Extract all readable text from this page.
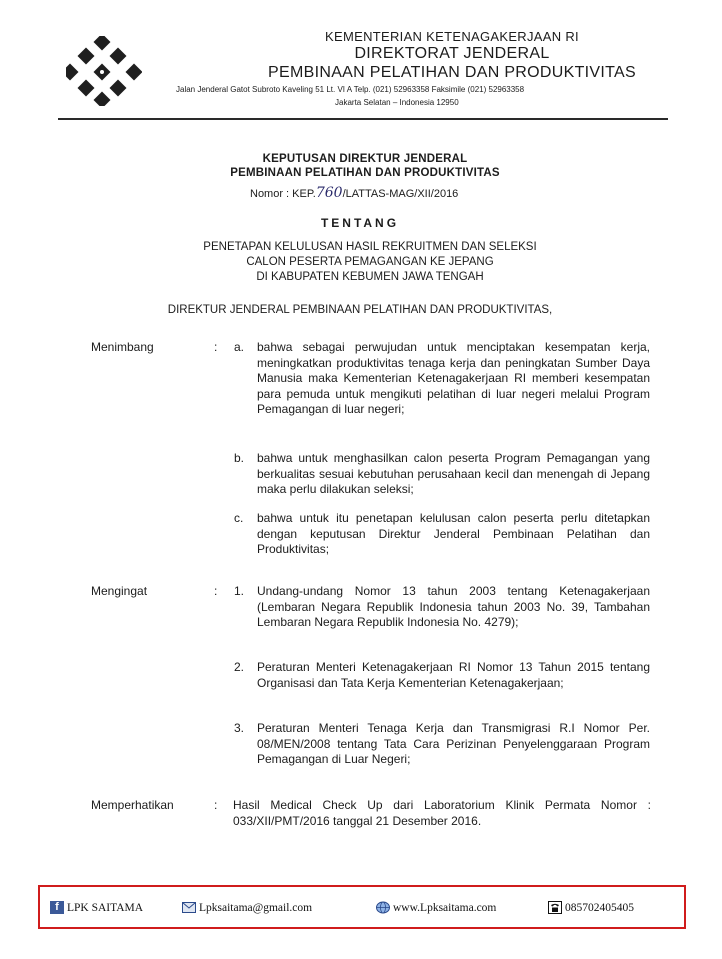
KEMENTERIAN KETENAGAKERJAAN RI
DIREKTORAT JENDERAL
PEMBINAAN PELATIHAN DAN PRODUKTIVITAS
Jalan Jenderal Gatot Subroto Kaveling 51 Lt. VI A Telp. (021) 52963358 Faksimile (021) 52963358
Jakarta Selatan – Indonesia 12950
KEPUTUSAN DIREKTUR JENDERAL
PEMBINAAN PELATIHAN DAN PRODUKTIVITAS
Nomor : KEP.760/LATTAS-MAG/XII/2016
TENTANG
PENETAPAN KELULUSAN HASIL REKRUITMEN DAN SELEKSI
CALON PESERTA PEMAGANGAN KE JEPANG
DI KABUPATEN KEBUMEN JAWA TENGAH
DIREKTUR JENDERAL PEMBINAAN PELATIHAN DAN PRODUKTIVITAS,
Menimbang	: a. bahwa sebagai perwujudan untuk menciptakan kesempatan kerja, meningkatkan produktivitas tenaga kerja dan peningkatan Sumber Daya Manusia maka Kementerian Ketenagakerjaan RI memberi kesempatan para pemuda untuk mengikuti pelatihan di luar negeri melalui Program Pemagangan di luar negeri;
b. bahwa untuk menghasilkan calon peserta Program Pemagangan yang berkualitas sesuai kebutuhan perusahaan kecil dan menengah di Jepang maka perlu dilakukan seleksi;
c. bahwa untuk itu penetapan kelulusan calon peserta perlu ditetapkan dengan keputusan Direktur Jenderal Pembinaan Pelatihan dan Produktivitas;
Mengingat	: 1. Undang-undang Nomor 13 tahun 2003 tentang Ketenagakerjaan (Lembaran Negara Republik Indonesia tahun 2003 No. 39, Tambahan Lembaran Negara Republik Indonesia No. 4279);
2. Peraturan Menteri Ketenagakerjaan RI Nomor 13 Tahun 2015 tentang Organisasi dan Tata Kerja Kementerian Ketenagakerjaan;
3. Peraturan Menteri Tenaga Kerja dan Transmigrasi R.I Nomor Per. 08/MEN/2008 tentang Tata Cara Perizinan Penyelenggaraan Program Pemagangan di Luar Negeri;
Memperhatikan	: Hasil Medical Check Up dari Laboratorium Klinik Permata Nomor : 033/XII/PMT/2016 tanggal 21 Desember 2016.
f LPK SAITAMA	Lpksaitama@gmail.com	www.Lpksaitama.com	085702405405
